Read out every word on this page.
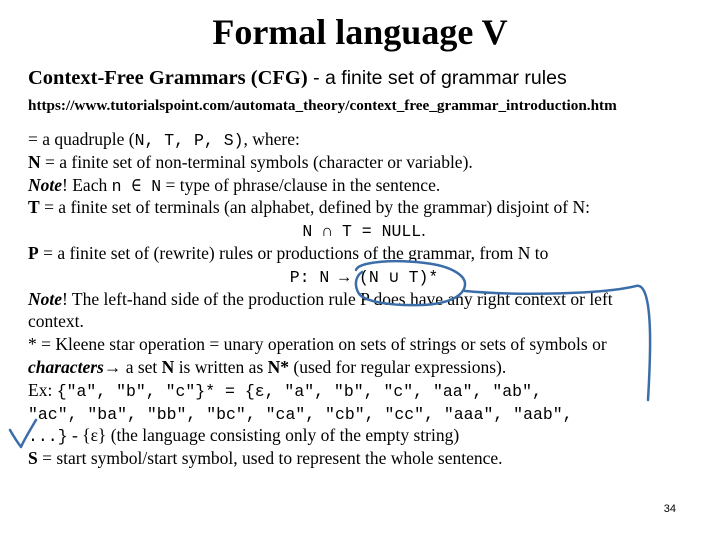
Formal language V
Context-Free Grammars (CFG) - a finite set of grammar rules
https://www.tutorialspoint.com/automata_theory/context_free_grammar_introduction.htm
= a quadruple (N, T, P, S), where:
N = a finite set of non-terminal symbols (character or variable).
Note! Each n ∈ N = type of phrase/clause in the sentence.
T = a finite set of terminals (an alphabet, defined by the grammar) disjoint of N:
N ∩ T = NULL.
P = a finite set of (rewrite) rules or productions of the grammar, from N to
P: N → (N ∪ T)*
Note! The left-hand side of the production rule P does have any right context or left
context.
* = Kleene star operation = unary operation on sets of strings or sets of symbols or
characters→ a set N is written as N* (used for regular expressions).
Ex: {"a", "b", "c"}* = {ε, "a", "b", "c", "aa", "ab",
"ac", "ba", "bb", "bc", "ca", "cb", "cc", "aaa", "aab",
...} - {ε} (the language consisting only of the empty string)
S = start symbol/start symbol, used to represent the whole sentence.
34
